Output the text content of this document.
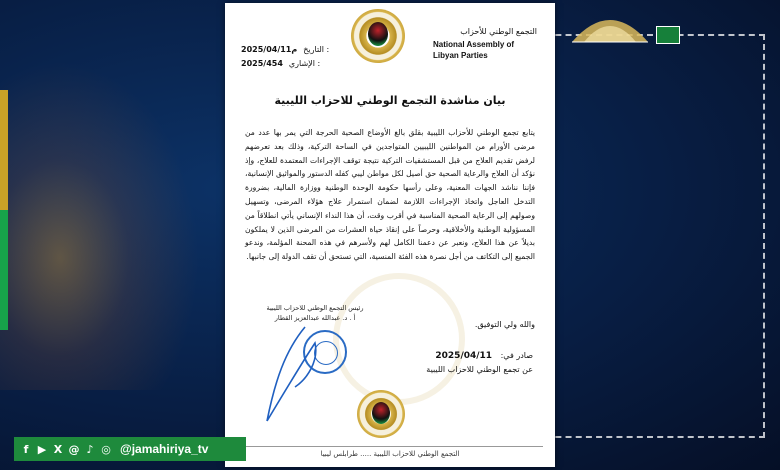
التجمع الوطني للأحزاب
National Assembly of
Libyan Parties
2025/04/11م التاريخ :
2025/454 الإشاري :
بيان مناشدة التجمع الوطني للاحزاب الليبية
يتابع تجمع الوطني للأحزاب الليبية بقلق بالغ الأوضاع الصحية الحرجة التي يمر بها عدد من مرضى الأورام من المواطنين الليبيين المتواجدين في الساحة التركية، وذلك بعد تعرضهم لرفض تقديم العلاج من قبل المستشفيات التركية نتيجة توقف الإجراءات المعتمدة للعلاج، وإذ نؤكد أن العلاج والرعاية الصحية حق أصيل لكل مواطن ليبي كفله الدستور والمواثيق الإنسانية، فإننا نناشد الجهات المعنية، وعلى رأسها حكومة الوحدة الوطنية ووزارة المالية، بضرورة التدخل العاجل واتخاذ الإجراءات اللازمة لضمان استمرار علاج هؤلاء المرضى، وتسهيل وصولهم إلى الرعاية الصحية المناسبة في أقرب وقت، أن هذا النداء الإنساني يأتي انطلاقاً من المسؤولية الوطنية والأخلاقية، وحرصاً على إنقاذ حياة العشرات من المرضى الذين لا يملكون بديلاً عن هذا العلاج، ونعبر عن دعمنا الكامل لهم ولأسرهم في هذه المحنة المؤلمة، وندعو الجميع إلى التكاتف من أجل نصرة هذه الفئة المنسية، التي تستحق أن تقف الدولة إلى جانبها.
والله ولي التوفيق.
رئيس التجمع الوطني للاحزاب الليبية
أ . د. عبدالله عبدالعزيز القطار
صادر في: 2025/04/11
عن تجمع الوطني للاحزاب الليبية
التجمع الوطني للاحزاب الليبية ..... طرابلس ليبيا
f ▶ X @ ♪ ◎ @jamahiriya_tv
